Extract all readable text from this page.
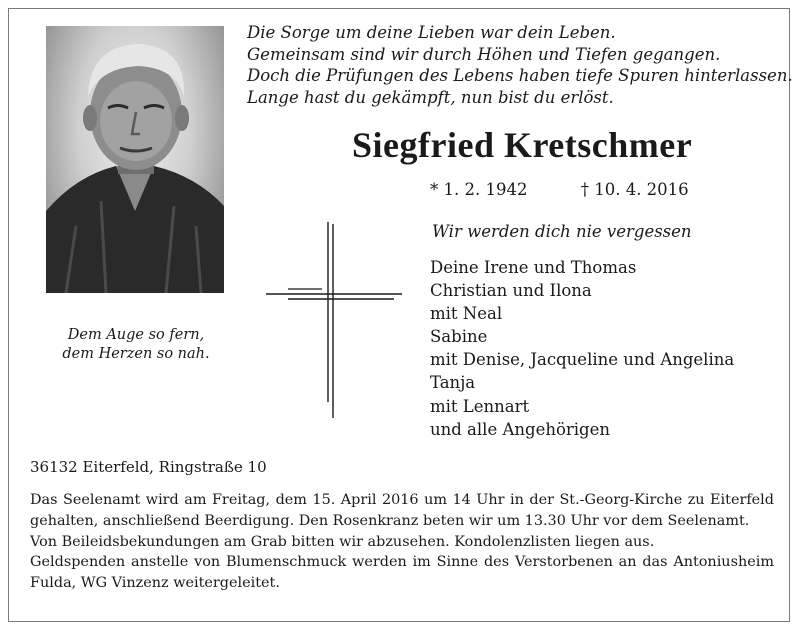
Die Sorge um deine Lieben war dein Leben.
Gemeinsam sind wir durch Höhen und Tiefen gegangen.
Doch die Prüfungen des Lebens haben tiefe Spuren hinterlassen.
Lange hast du gekämpft, nun bist du erlöst.
Dem Auge so fern,
dem Herzen so nah.
Siegfried Kretschmer
* 1. 2. 1942	† 10. 4. 2016
Wir werden dich nie vergessen
Deine Irene und Thomas
Christian und Ilona
mit Neal
Sabine
mit Denise, Jacqueline und Angelina
Tanja
mit Lennart
und alle Angehörigen
36132 Eiterfeld, Ringstraße 10

Das Seelenamt wird am Freitag, dem 15. April 2016 um 14 Uhr in der St.-Georg-Kirche zu Eiterfeld gehalten, anschließend Beerdigung. Den Rosenkranz beten wir um 13.30 Uhr vor dem Seelenamt.

Von Beileidsbekundungen am Grab bitten wir abzusehen. Kondolenzlisten liegen aus.

Geldspenden anstelle von Blumenschmuck werden im Sinne des Verstorbenen an das Antoniusheim Fulda, WG Vinzenz weitergeleitet.
